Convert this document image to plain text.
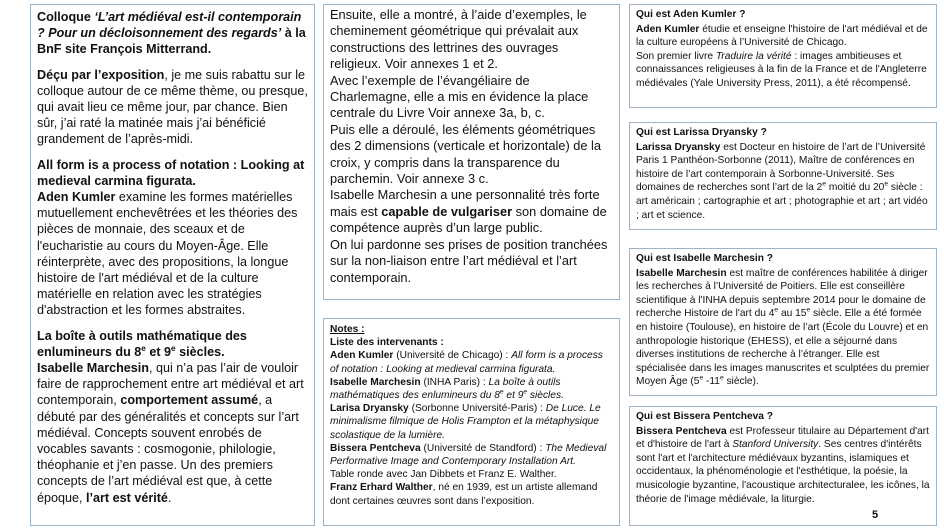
Colloque ‘L’art médiéval est-il contemporain ? Pour un décloisonnement des regards’ à la BnF site François Mitterrand.

Déçu par l’exposition, je me suis rabattu sur le colloque autour de ce même thème, ou presque, qui avait lieu ce même jour, par chance. Bien sûr, j’ai raté la matinée mais j’ai bénéficié grandement de l’après-midi.

All form is a process of notation : Looking at medieval carmina figurata.

Aden Kumler examine les formes matérielles mutuellement enchevêtrées et les théories des pièces de monnaie, des sceaux et de l'eucharistie au cours du Moyen-Âge. Elle réinterprète, avec des propositions, la longue histoire de l'art médiéval et de la culture matérielle en relation avec les stratégies d'abstraction et les formes abstraites.

La boîte à outils mathématique des enlumineurs du 8e et 9e siècles.

Isabelle Marchesin, qui n’a pas l’air de vouloir faire de rapprochement entre art médiéval et art contemporain, comportement assumé, a débuté par des généralités et concepts sur l’art médiéval. Concepts souvent enrobés de vocables savants : cosmogonie, philologie, théophanie et j’en passe. Un des premiers concepts de l’art médiéval est que, à cette époque, l’art est vérité.

Ensuite, elle a montré, à l’aide d’exemples, le cheminement géométrique qui prévalait aux constructions des lettrines des ouvrages religieux. Voir annexes 1 et 2.

Avec l’exemple de l’évangéliaire de Charlemagne, elle a mis en évidence la place centrale du Livre Voir annexe 3a, b, c.

Puis elle a déroulé, les éléments géométriques des 2 dimensions (verticale et horizontale) de la croix, y compris dans la transparence du parchemin. Voir annexe 3 c.

Isabelle Marchesin a une personnalité très forte mais est capable de vulgariser son domaine de compétence auprès d’un large public.

On lui pardonne ses prises de position tranchées sur la non-liaison entre l’art médiéval et l’art contemporain.

Notes :

Liste des intervenants :

Aden Kumler (Université de Chicago) : All form is a process of notation : Looking at medieval carmina figurata.

Isabelle Marchesin (INHA Paris) : La boîte à outils mathématiques des enlumineurs du 8e et 9e siècles.

Larisa Dryansky (Sorbonne Université-Paris) : De Luce. Le minimalisme filmique de Holis Frampton et la métaphysique scolastique de la lumière.

Bissera Pentcheva (Université de Standford) : The Medieval Performative Image and Contemporary Installation Art.

Table ronde avec Jan Dibbets et Franz E. Walther.

Franz Erhard Walther, né en 1939, est un artiste allemand dont certaines œuvres sont dans l’exposition.

Qui est Aden Kumler ?

Aden Kumler étudie et enseigne l'histoire de l'art médiéval et de la culture européens à l’Université de Chicago.

Son premier livre Traduire la vérité : images ambitieuses et connaissances religieuses à la fin de la France et de l'Angleterre médiévales (Yale University Press, 2011), a été récompensé.

Qui est Larissa Dryansky ?

Larissa Dryansky est Docteur en histoire de l’art de l’Université Paris 1 Panthéon-Sorbonne (2011), Maître de conférences en histoire de l’art contemporain à Sorbonne-Université. Ses domaines de recherches sont l’art de la 2e moitié du 20e siècle : art américain ; cartographie et art ; photographie et art ; art vidéo ; art et science.

Qui est Isabelle Marchesin ?

Isabelle Marchesin est maître de conférences habilitée à diriger les recherches à l’Université de Poitiers. Elle est conseillère scientifique à l'INHA depuis septembre 2014 pour le domaine de recherche Histoire de l'art du 4e au 15e siècle. Elle a été formée en histoire (Toulouse), en histoire de l’art (École du Louvre) et en anthropologie historique (EHESS), et elle a séjourné dans diverses institutions de recherche à l’étranger. Elle est spécialisée dans les images manuscrites et sculptées du premier Moyen Âge (5e -11e siècle).

Qui est Bissera Pentcheva ?

Bissera Pentcheva est Professeur titulaire au Département d'art et d'histoire de l'art à Stanford University. Ses centres d'intérêts sont l'art et l'architecture médiévaux byzantins, islamiques et occidentaux, la phénoménologie et l'esthétique, la poésie, la musicologie byzantine, l'acoustique architecturalee, les icônes, la théorie de l'image médiévale, la liturgie.

5
